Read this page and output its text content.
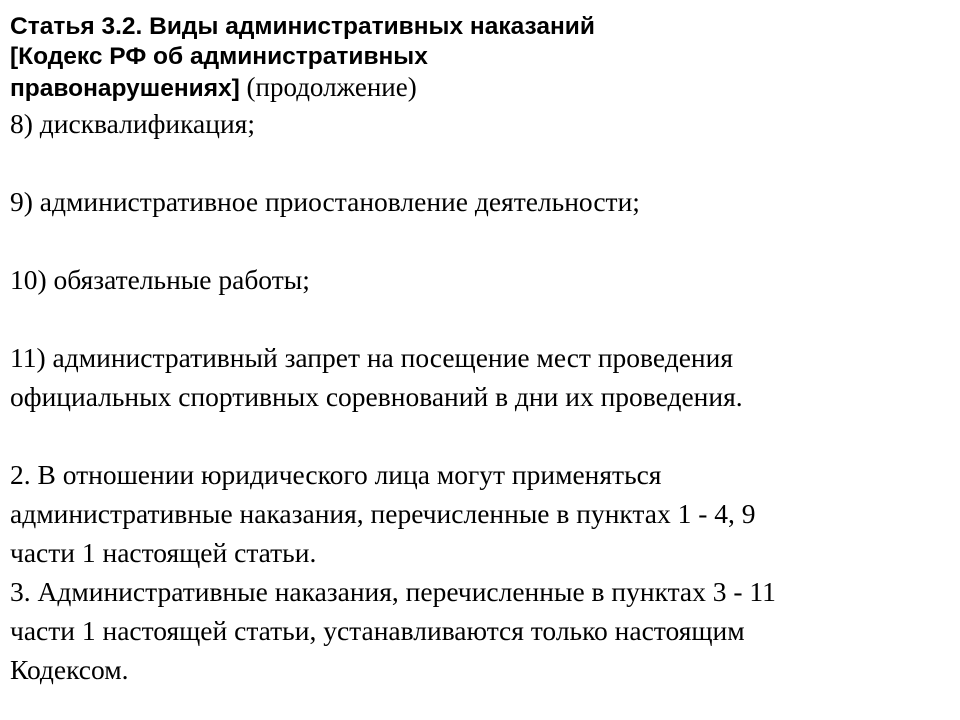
Статья 3.2. Виды административных наказаний
[Кодекс РФ об административных
правонарушениях] (продолжение)
8) дисквалификация;
9) административное приостановление деятельности;
10) обязательные работы;
11) административный запрет на посещение мест проведения
официальных спортивных соревнований в дни их проведения.
2. В отношении юридического лица могут применяться
административные наказания, перечисленные в пунктах 1 - 4, 9
части 1 настоящей статьи.
3. Административные наказания, перечисленные в пунктах 3 - 11
части 1 настоящей статьи, устанавливаются только настоящим
Кодексом.
